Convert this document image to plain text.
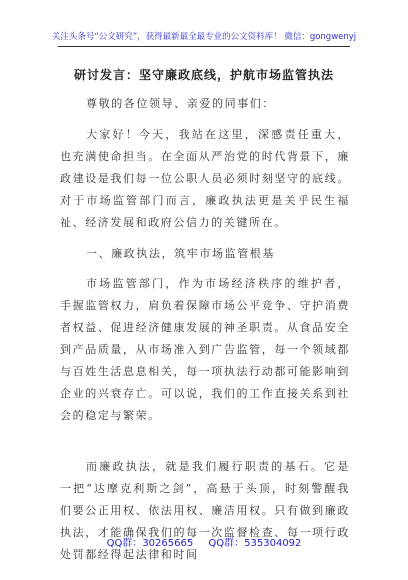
关注头条号“公文研究”，获得最新最全最专业的公文资料库！ 微信：gongwenyj
研讨发言：坚守廉政底线，护航市场监管执法

尊敬的各位领导、亲爱的同事们：

大家好！今天，我站在这里，深感责任重大，也充满使命担当。在全面从严治党的时代背景下，廉政建设是我们每一位公职人员必须时刻坚守的底线。对于市场监管部门而言，廉政执法更是关乎民生福祉、经济发展和政府公信力的关键所在。

一、廉政执法，筑牢市场监管根基

市场监管部门，作为市场经济秩序的维护者，手握监管权力，肩负着保障市场公平竞争、守护消费者权益、促进经济健康发展的神圣职责。从食品安全到产品质量，从市场准入到广告监管，每一个领域都与百姓生活息息相关，每一项执法行动都可能影响到企业的兴衰存亡。可以说，我们的工作直接关系到社会的稳定与繁荣。

而廉政执法，就是我们履行职责的基石。它是一把“达摩克利斯之剑”，高悬于头顶，时刻警醒我们要公正用权、依法用权、廉洁用权。只有做到廉政执法，才能确保我们的每一次监督检查、每一项行政处罚都经得起法律和时间

QQ群：30265665 QQ群：535304092
